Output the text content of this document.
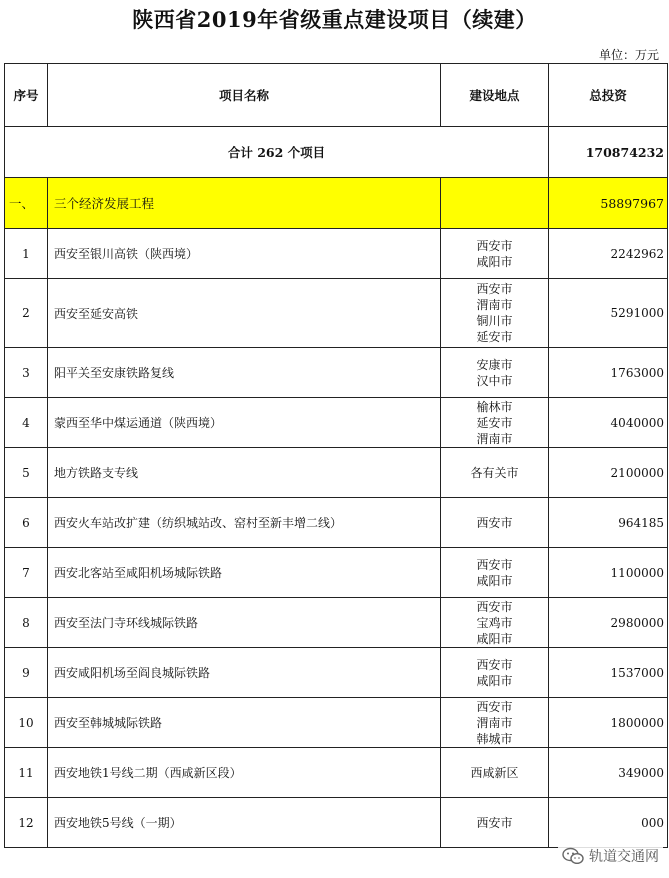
陕西省2019年省级重点建设项目（续建）
单位：万元
序号	项目名称	建设地点	总投资
合计 262 个项目			170874232
一、	三个经济发展工程		58897967
1	西安至银川高铁（陕西境）	西安市
咸阳市	2242962
2	西安至延安高铁	西安市
渭南市
铜川市
延安市	5291000
3	阳平关至安康铁路复线	安康市
汉中市	1763000
4	蒙西至华中煤运通道（陕西境）	榆林市
延安市
渭南市	4040000
5	地方铁路支专线	各有关市	2100000
6	西安火车站改扩建（纺织城站改、窑村至新丰增二线）	西安市	964185
7	西安北客站至咸阳机场城际铁路	西安市
咸阳市	1100000
8	西安至法门寺环线城际铁路	西安市
宝鸡市
咸阳市	2980000
9	西安咸阳机场至阎良城际铁路	西安市
咸阳市	1537000
10	西安至韩城城际铁路	西安市
渭南市
韩城市	1800000
11	西安地铁1号线二期（西咸新区段）	西咸新区	349000
12	西安地铁5号线（一期）	西安市	000
轨道交通网
